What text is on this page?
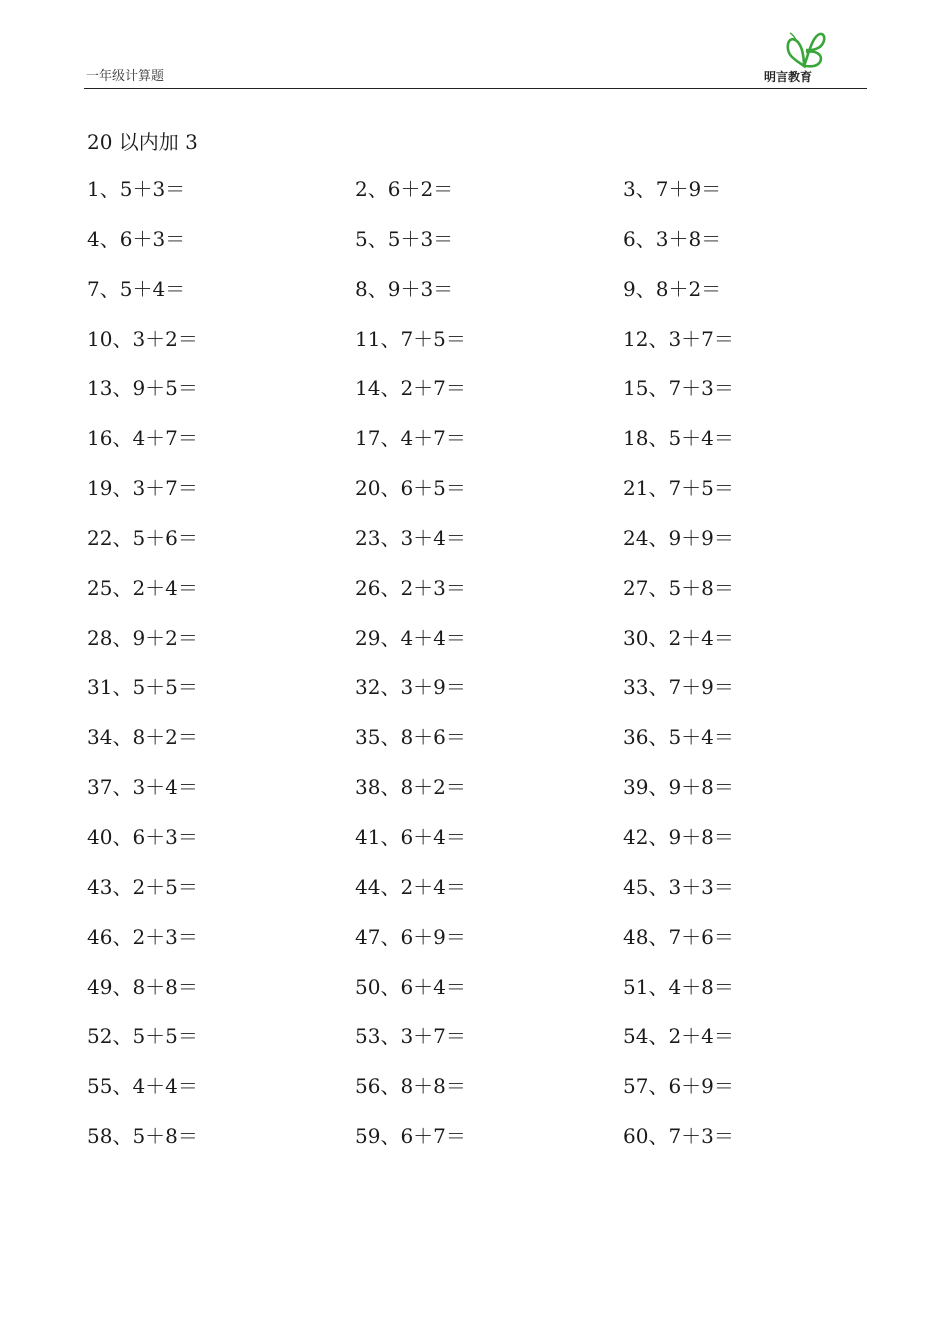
一年级计算题	明言教育
20 以内加 3
1、5＋3＝	2、6＋2＝	3、7＋9＝
4、6＋3＝	5、5＋3＝	6、3＋8＝
7、5＋4＝	8、9＋3＝	9、8＋2＝
10、3＋2＝	11、7＋5＝	12、3＋7＝
13、9＋5＝	14、2＋7＝	15、7＋3＝
16、4＋7＝	17、4＋7＝	18、5＋4＝
19、3＋7＝	20、6＋5＝	21、7＋5＝
22、5＋6＝	23、3＋4＝	24、9＋9＝
25、2＋4＝	26、2＋3＝	27、5＋8＝
28、9＋2＝	29、4＋4＝	30、2＋4＝
31、5＋5＝	32、3＋9＝	33、7＋9＝
34、8＋2＝	35、8＋6＝	36、5＋4＝
37、3＋4＝	38、8＋2＝	39、9＋8＝
40、6＋3＝	41、6＋4＝	42、9＋8＝
43、2＋5＝	44、2＋4＝	45、3＋3＝
46、2＋3＝	47、6＋9＝	48、7＋6＝
49、8＋8＝	50、6＋4＝	51、4＋8＝
52、5＋5＝	53、3＋7＝	54、2＋4＝
55、4＋4＝	56、8＋8＝	57、6＋9＝
58、5＋8＝	59、6＋7＝	60、7＋3＝
